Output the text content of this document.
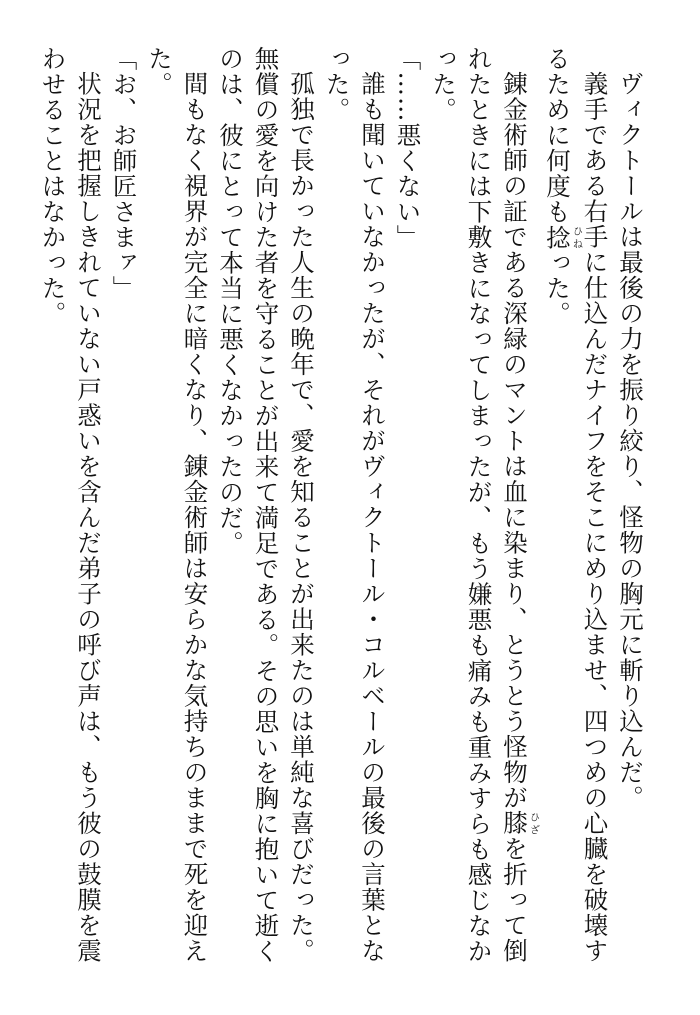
ヴィクトールは最後の力を振り絞り、怪物の胸元に斬り込んだ。

義手である右手に仕込んだナイフをそこにめり込ませ、四つめの心臓を破壊するために何度も捻ひねった。

錬金術師の証である深緑のマントは血に染まり、とうとう怪物が膝ひざを折って倒れたときには下敷きになってしまったが、もう嫌悪も痛みも重みすらも感じなかった。

「……悪くない」

誰も聞いていなかったが、それがヴィクトール・コルベールの最後の言葉となった。

孤独で長かった人生の晩年で、愛を知ることが出来たのは単純な喜びだった。無償の愛を向けた者を守ることが出来て満足である。その思いを胸に抱いて逝くのは、彼にとって本当に悪くなかったのだ。

間もなく視界が完全に暗くなり、錬金術師は安らかな気持ちのままで死を迎えた。

「お、お師匠さまァ」

状況を把握しきれていない戸惑いを含んだ弟子の呼び声は、もう彼の鼓膜を震わせることはなかった。
